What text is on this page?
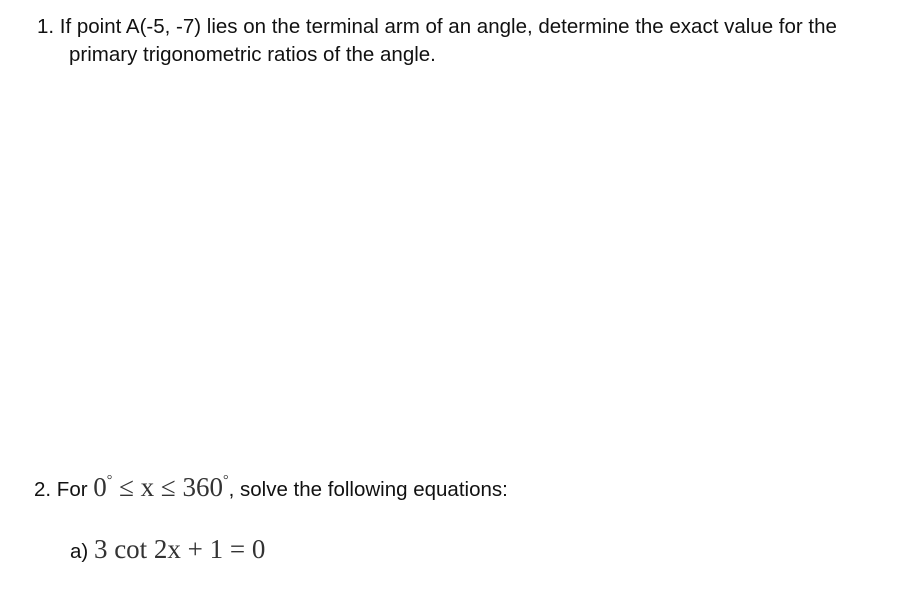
1. If point A(-5, -7) lies on the terminal arm of an angle, determine the exact value for the
primary trigonometric ratios of the angle.
2. For 0° ≤ x ≤ 360°, solve the following equations:
a) 3 cot 2x + 1 = 0
